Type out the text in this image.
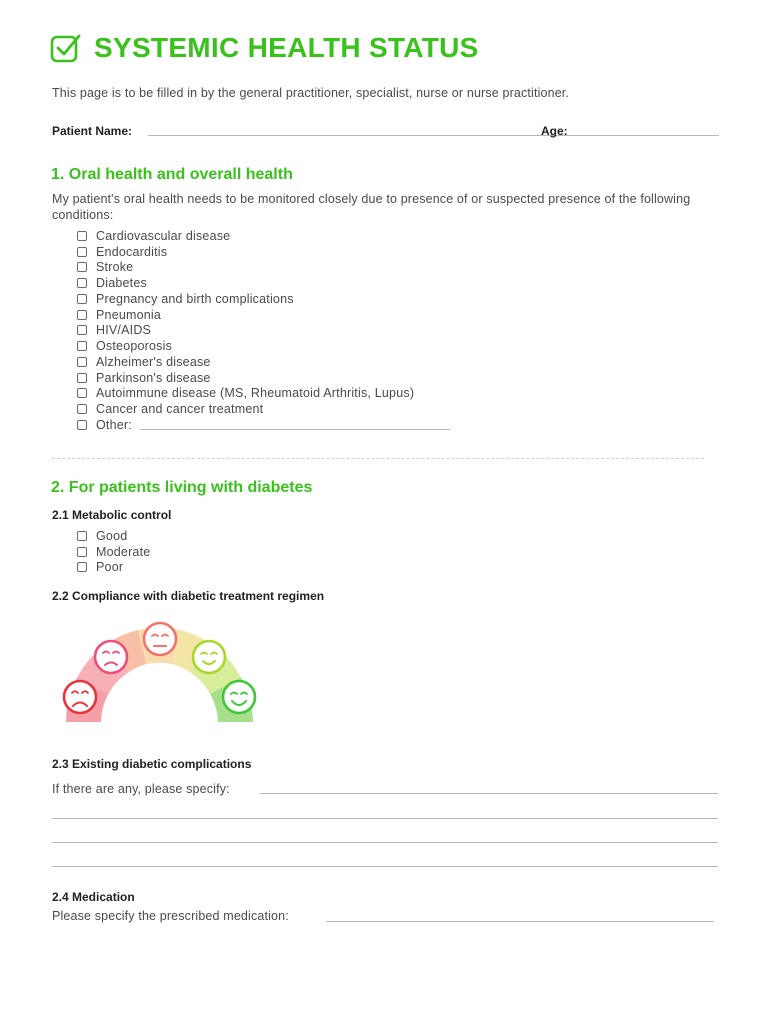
SYSTEMIC HEALTH STATUS
This page is to be filled in by the general practitioner, specialist, nurse or nurse practitioner.
Patient Name:	Age:
1. Oral health and overall health
My patient's oral health needs to be monitored closely due to presence of or suspected presence of the following conditions:
Cardiovascular disease
Endocarditis
Stroke
Diabetes
Pregnancy and birth complications
Pneumonia
HIV/AIDS
Osteoporosis
Alzheimer's disease
Parkinson's disease
Autoimmune disease (MS, Rheumatoid Arthritis, Lupus)
Cancer and cancer treatment
Other:
2. For patients living with diabetes
2.1 Metabolic control
Good
Moderate
Poor
2.2 Compliance with diabetic treatment regimen
2.3 Existing diabetic complications
If there are any, please specify:
2.4 Medication
Please specify the prescribed medication:
